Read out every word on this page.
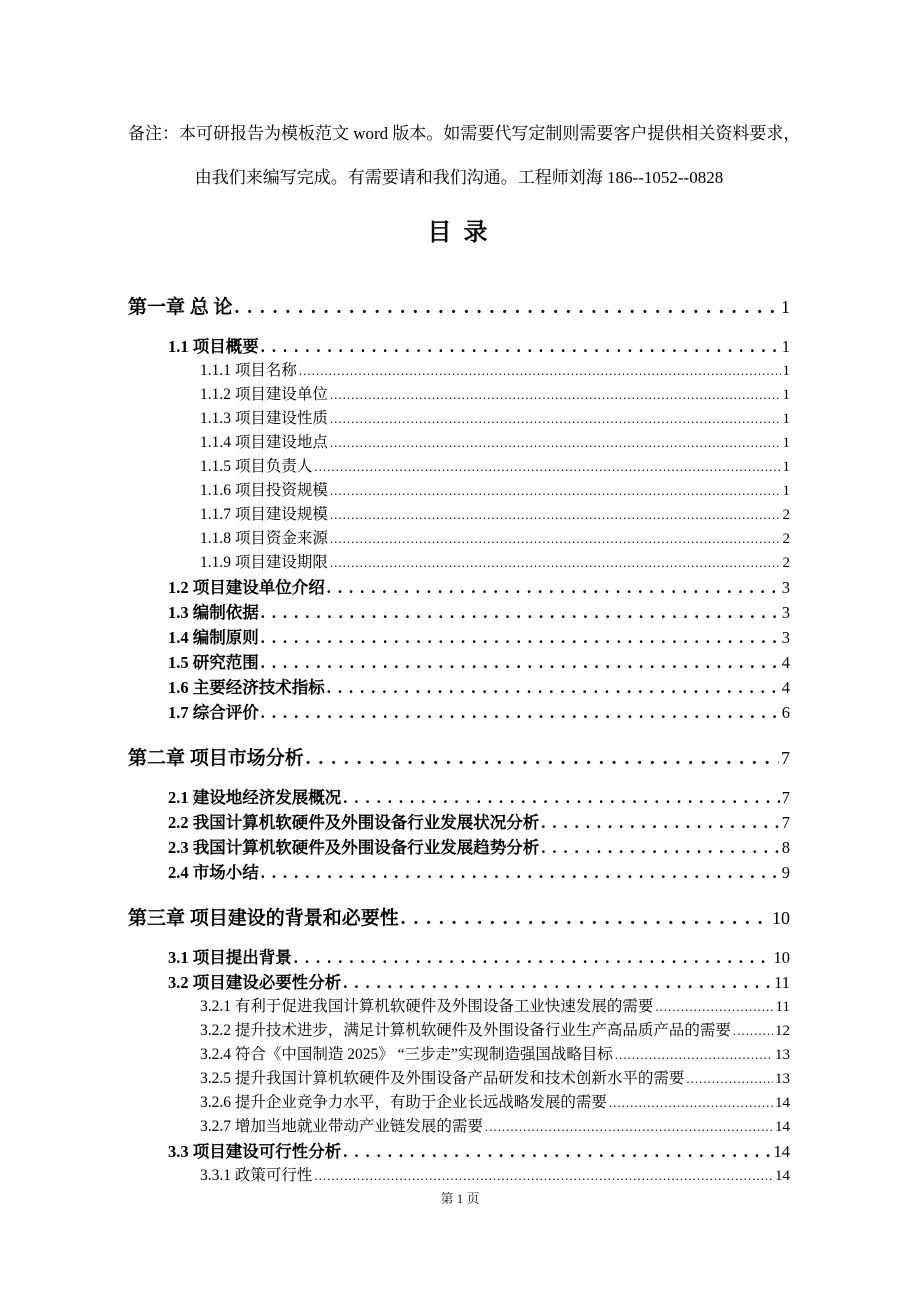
备注：本可研报告为模板范文 word 版本。如需要代写定制则需要客户提供相关资料要求，
由我们来编写完成。有需要请和我们沟通。工程师刘海 186--1052--0828
目 录
第一章 总 论 .....	1
1.1 项目概要 .....	1
1.1.1 项目名称 .....	1
1.1.2 项目建设单位 .....	1
1.1.3 项目建设性质 .....	1
1.1.4 项目建设地点 .....	1
1.1.5 项目负责人 .....	1
1.1.6 项目投资规模 .....	1
1.1.7 项目建设规模 .....	2
1.1.8 项目资金来源 .....	2
1.1.9 项目建设期限 .....	2
1.2 项目建设单位介绍 .....	3
1.3 编制依据 .....	3
1.4 编制原则 .....	3
1.5 研究范围 .....	4
1.6 主要经济技术指标 .....	4
1.7 综合评价 .....	6
第二章 项目市场分析 .....	7
2.1 建设地经济发展概况 .....	7
2.2 我国计算机软硬件及外围设备行业发展状况分析 .....	7
2.3 我国计算机软硬件及外围设备行业发展趋势分析 .....	8
2.4 市场小结 .....	9
第三章 项目建设的背景和必要性 .....	10
3.1 项目提出背景 .....	10
3.2 项目建设必要性分析 .....	11
3.2.1 有利于促进我国计算机软硬件及外围设备工业快速发展的需要 .....	11
3.2.2 提升技术进步，满足计算机软硬件及外围设备行业生产高品质产品的需要 .....	12
3.2.4 符合《中国制造 2025》 “三步走”实现制造强国战略目标 .....	13
3.2.5 提升我国计算机软硬件及外围设备产品研发和技术创新水平的需要 .....	13
3.2.6 提升企业竞争力水平，有助于企业长远战略发展的需要 .....	14
3.2.7 增加当地就业带动产业链发展的需要 .....	14
3.3 项目建设可行性分析 .....	14
3.3.1 政策可行性 .....	14
第 1 页
